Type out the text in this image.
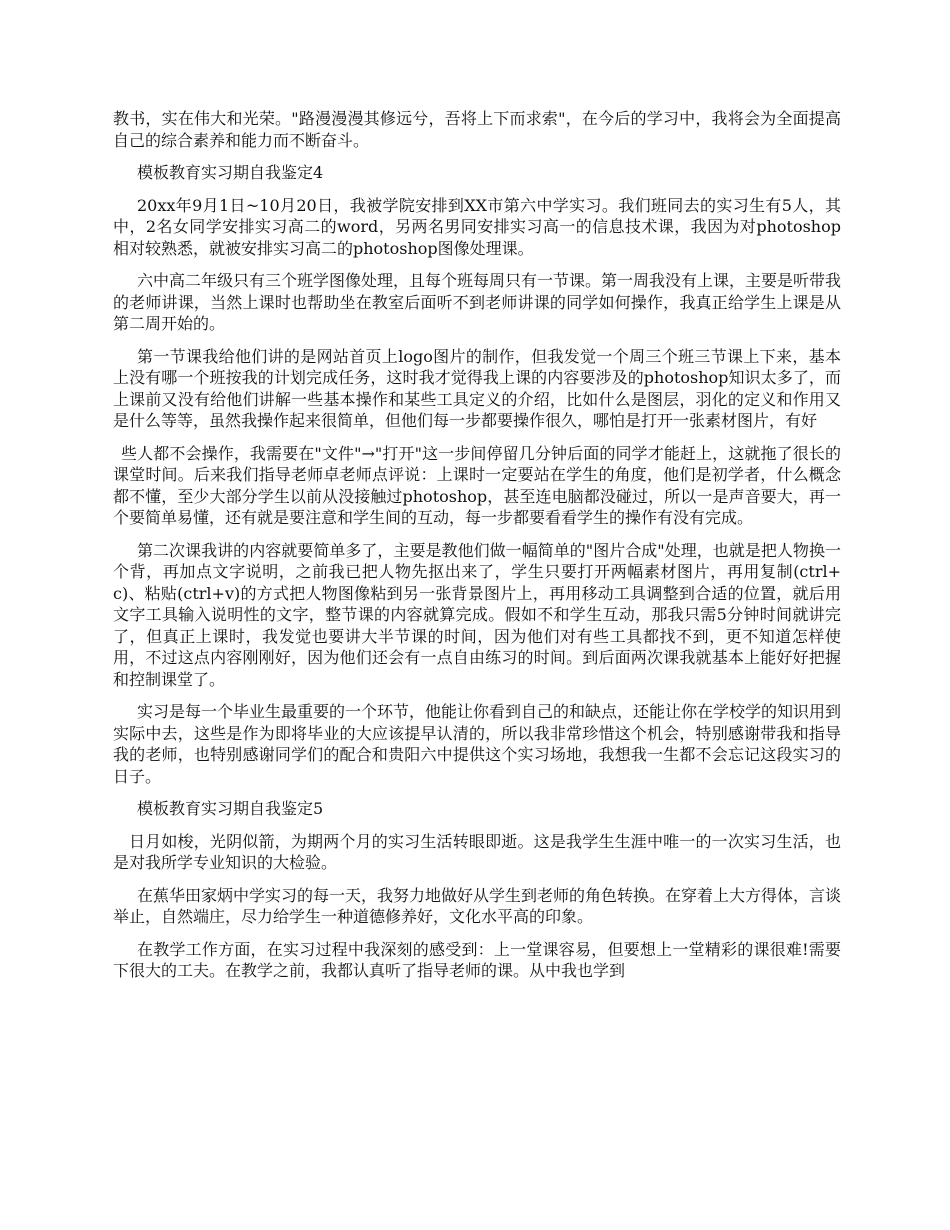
教书，实在伟大和光荣。"路漫漫漫其修远兮，吾将上下而求索"，在今后的学习中，我将会为全面提高自己的综合素养和能力而不断奋斗。

模板教育实习期自我鉴定4

20xx年9月1日~10月20日，我被学院安排到XX市第六中学实习。我们班同去的实习生有5人，其中，2名女同学安排实习高二的word，另两名男同安排实习高一的信息技术课，我因为对photoshop相对较熟悉，就被安排实习高二的photoshop图像处理课。

六中高二年级只有三个班学图像处理，且每个班每周只有一节课。第一周我没有上课，主要是听带我的老师讲课，当然上课时也帮助坐在教室后面听不到老师讲课的同学如何操作，我真正给学生上课是从第二周开始的。

第一节课我给他们讲的是网站首页上logo图片的制作，但我发觉一个周三个班三节课上下来，基本上没有哪一个班按我的计划完成任务，这时我才觉得我上课的内容要涉及的photoshop知识太多了，而上课前又没有给他们讲解一些基本操作和某些工具定义的介绍，比如什么是图层，羽化的定义和作用又是什么等等，虽然我操作起来很简单，但他们每一步都要操作很久，哪怕是打开一张素材图片，有好

些人都不会操作，我需要在"文件"→"打开"这一步间停留几分钟后面的同学才能赶上，这就拖了很长的课堂时间。后来我们指导老师卓老师点评说：上课时一定要站在学生的角度，他们是初学者，什么概念都不懂，至少大部分学生以前从没接触过photoshop，甚至连电脑都没碰过，所以一是声音要大，再一个要简单易懂，还有就是要注意和学生间的互动，每一步都要看看学生的操作有没有完成。

第二次课我讲的内容就要简单多了，主要是教他们做一幅简单的"图片合成"处理，也就是把人物换一个背，再加点文字说明，之前我已把人物先抠出来了，学生只要打开两幅素材图片，再用复制(ctrl+c)、粘贴(ctrl+v)的方式把人物图像粘到另一张背景图片上，再用移动工具调整到合适的位置，就后用文字工具输入说明性的文字，整节课的内容就算完成。假如不和学生互动，那我只需5分钟时间就讲完了，但真正上课时，我发觉也要讲大半节课的时间，因为他们对有些工具都找不到，更不知道怎样使用，不过这点内容刚刚好，因为他们还会有一点自由练习的时间。到后面两次课我就基本上能好好把握和控制课堂了。

实习是每一个毕业生最重要的一个环节，他能让你看到自己的和缺点，还能让你在学校学的知识用到实际中去，这些是作为即将毕业的大应该提早认清的，所以我非常珍惜这个机会，特别感谢带我和指导我的老师，也特别感谢同学们的配合和贵阳六中提供这个实习场地，我想我一生都不会忘记这段实习的日子。

模板教育实习期自我鉴定5

日月如梭，光阴似箭，为期两个月的实习生活转眼即逝。这是我学生生涯中唯一的一次实习生活，也是对我所学专业知识的大检验。

在蕉华田家炳中学实习的每一天，我努力地做好从学生到老师的角色转换。在穿着上大方得体，言谈举止，自然端庄，尽力给学生一种道德修养好，文化水平高的印象。

在教学工作方面，在实习过程中我深刻的感受到：上一堂课容易，但要想上一堂精彩的课很难!需要下很大的工夫。在教学之前，我都认真听了指导老师的课。从中我也学到
